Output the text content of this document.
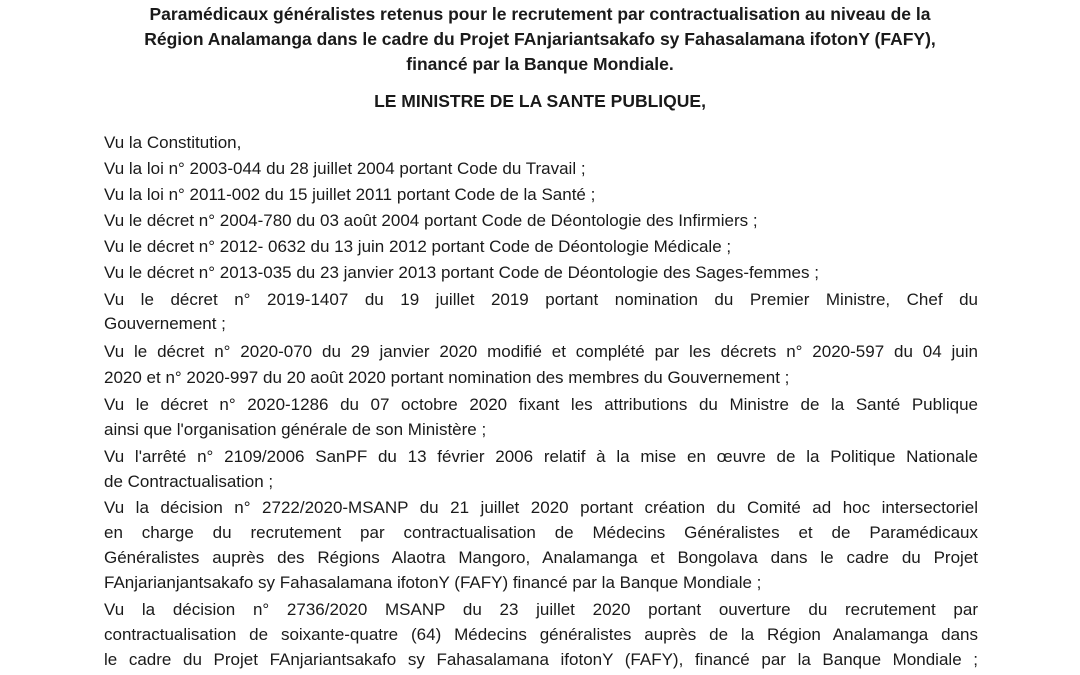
Paramédicaux généralistes retenus pour le recrutement par contractualisation au niveau de la
Région Analamanga dans le cadre du Projet FAnjariantsakafo sy Fahasalamana ifotonY (FAFY),
financé par la Banque Mondiale.
LE MINISTRE DE LA SANTE PUBLIQUE,
Vu la Constitution,
Vu la loi n° 2003-044 du 28 juillet 2004 portant Code du Travail ;
Vu la loi n° 2011-002 du 15 juillet 2011 portant Code de la Santé ;
Vu le décret n° 2004-780 du 03 août 2004 portant Code de Déontologie des Infirmiers ;
Vu le décret n° 2012- 0632 du 13 juin 2012 portant Code de Déontologie Médicale ;
Vu le décret n° 2013-035 du 23 janvier 2013 portant Code de Déontologie des Sages-femmes ;
Vu le décret n° 2019-1407 du 19 juillet 2019 portant nomination du Premier Ministre, Chef du
Gouvernement ;
Vu le décret n° 2020-070 du 29 janvier 2020 modifié et complété par les décrets n° 2020-597 du 04 juin
2020 et n° 2020-997 du 20 août 2020 portant nomination des membres du Gouvernement ;
Vu le décret n° 2020-1286 du 07 octobre 2020 fixant les attributions du Ministre de la Santé Publique
ainsi que l'organisation générale de son Ministère ;
Vu l'arrêté n° 2109/2006 SanPF du 13 février 2006 relatif à la mise en œuvre de la Politique Nationale
de Contractualisation ;
Vu la décision n° 2722/2020-MSANP du 21 juillet 2020 portant création du Comité ad hoc intersectoriel
en charge du recrutement par contractualisation de Médecins Généralistes et de Paramédicaux
Généralistes auprès des Régions Alaotra Mangoro, Analamanga et Bongolava dans le cadre du Projet
FAnjarianjantsakafo sy Fahasalamana ifotonY (FAFY) financé par la Banque Mondiale ;
Vu la décision n° 2736/2020 MSANP du 23 juillet 2020 portant ouverture du recrutement par
contractualisation de soixante-quatre (64) Médecins généralistes auprès de la Région Analamanga dans
le cadre du Projet FAnjariantsakafo sy Fahasalamana ifotonY (FAFY), financé par la Banque Mondiale ;
